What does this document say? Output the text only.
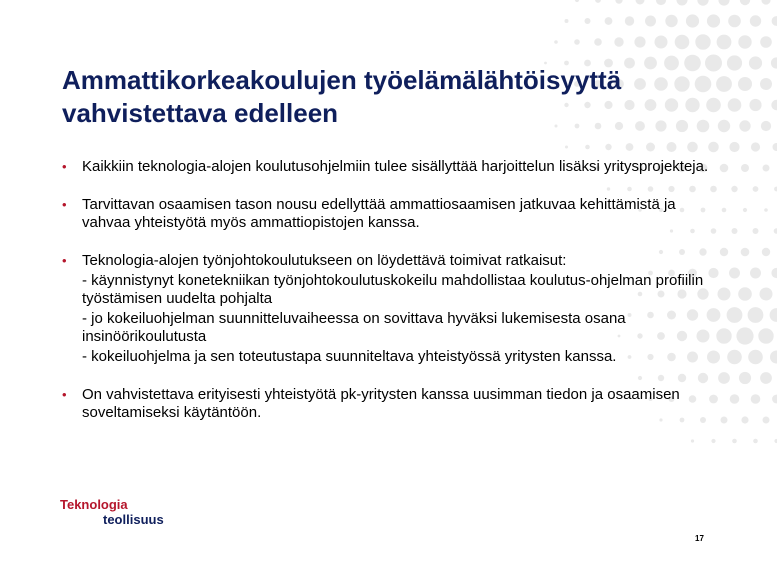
Ammattikorkeakoulujen työelämälähtöisyyttä
vahvistettava edelleen
• Kaikkiin teknologia-alojen koulutusohjelmiin tulee sisällyttää harjoittelun lisäksi yritysprojekteja.
• Tarvittavan osaamisen tason nousu edellyttää ammattiosaamisen jatkuvaa kehittämistä ja vahvaa yhteistyötä myös ammattiopistojen kanssa.
• Teknologia-alojen työnjohtokoulutukseen on löydettävä toimivat ratkaisut:
- käynnistynyt konetekniikan työnjohtokoulutuskokeilu mahdollistaa koulutus-ohjelman profiilin työstämisen uudelta pohjalta
- jo kokeiluohjelman suunnitteluvaiheessa on sovittava hyväksi lukemisesta osana insinöörikoulutusta
- kokeiluohjelma ja sen toteutustapa suunniteltava yhteistyössä yritysten kanssa.
• On vahvistettava erityisesti yhteistyötä pk-yritysten kanssa uusimman tiedon ja osaamisen soveltamiseksi käytäntöön.
Teknologia
teollisuus
17
